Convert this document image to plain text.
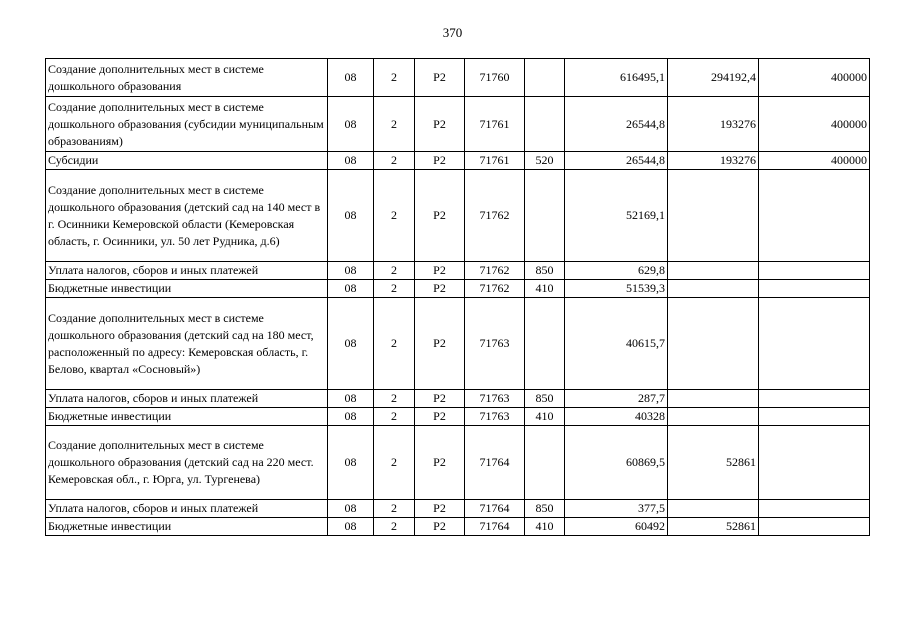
370
Создание дополнительных мест в системе дошкольного образования	08	2	P2	71760		616495,1	294192,4	400000
Создание дополнительных мест в системе дошкольного образования (субсидии муниципальным образованиям)	08	2	P2	71761		26544,8	193276	400000
Субсидии	08	2	P2	71761	520	26544,8	193276	400000
Создание дополнительных мест в системе дошкольного образования (детский сад на 140 мест в г. Осинники Кемеровской области (Кемеровская область, г. Осинники, ул. 50 лет Рудника, д.6)	08	2	P2	71762		52169,1		
Уплата налогов, сборов и иных платежей	08	2	P2	71762	850	629,8		
Бюджетные инвестиции	08	2	P2	71762	410	51539,3		
Создание дополнительных мест в системе дошкольного образования (детский сад на 180 мест, расположенный по адресу: Кемеровская область, г. Белово, квартал «Сосновый»)	08	2	P2	71763		40615,7		
Уплата налогов, сборов и иных платежей	08	2	P2	71763	850	287,7		
Бюджетные инвестиции	08	2	P2	71763	410	40328		
Создание дополнительных мест в системе дошкольного образования (детский сад на 220 мест. Кемеровская обл., г. Юрга, ул. Тургенева)	08	2	P2	71764		60869,5	52861	
Уплата налогов, сборов и иных платежей	08	2	P2	71764	850	377,5		
Бюджетные инвестиции	08	2	P2	71764	410	60492	52861	
